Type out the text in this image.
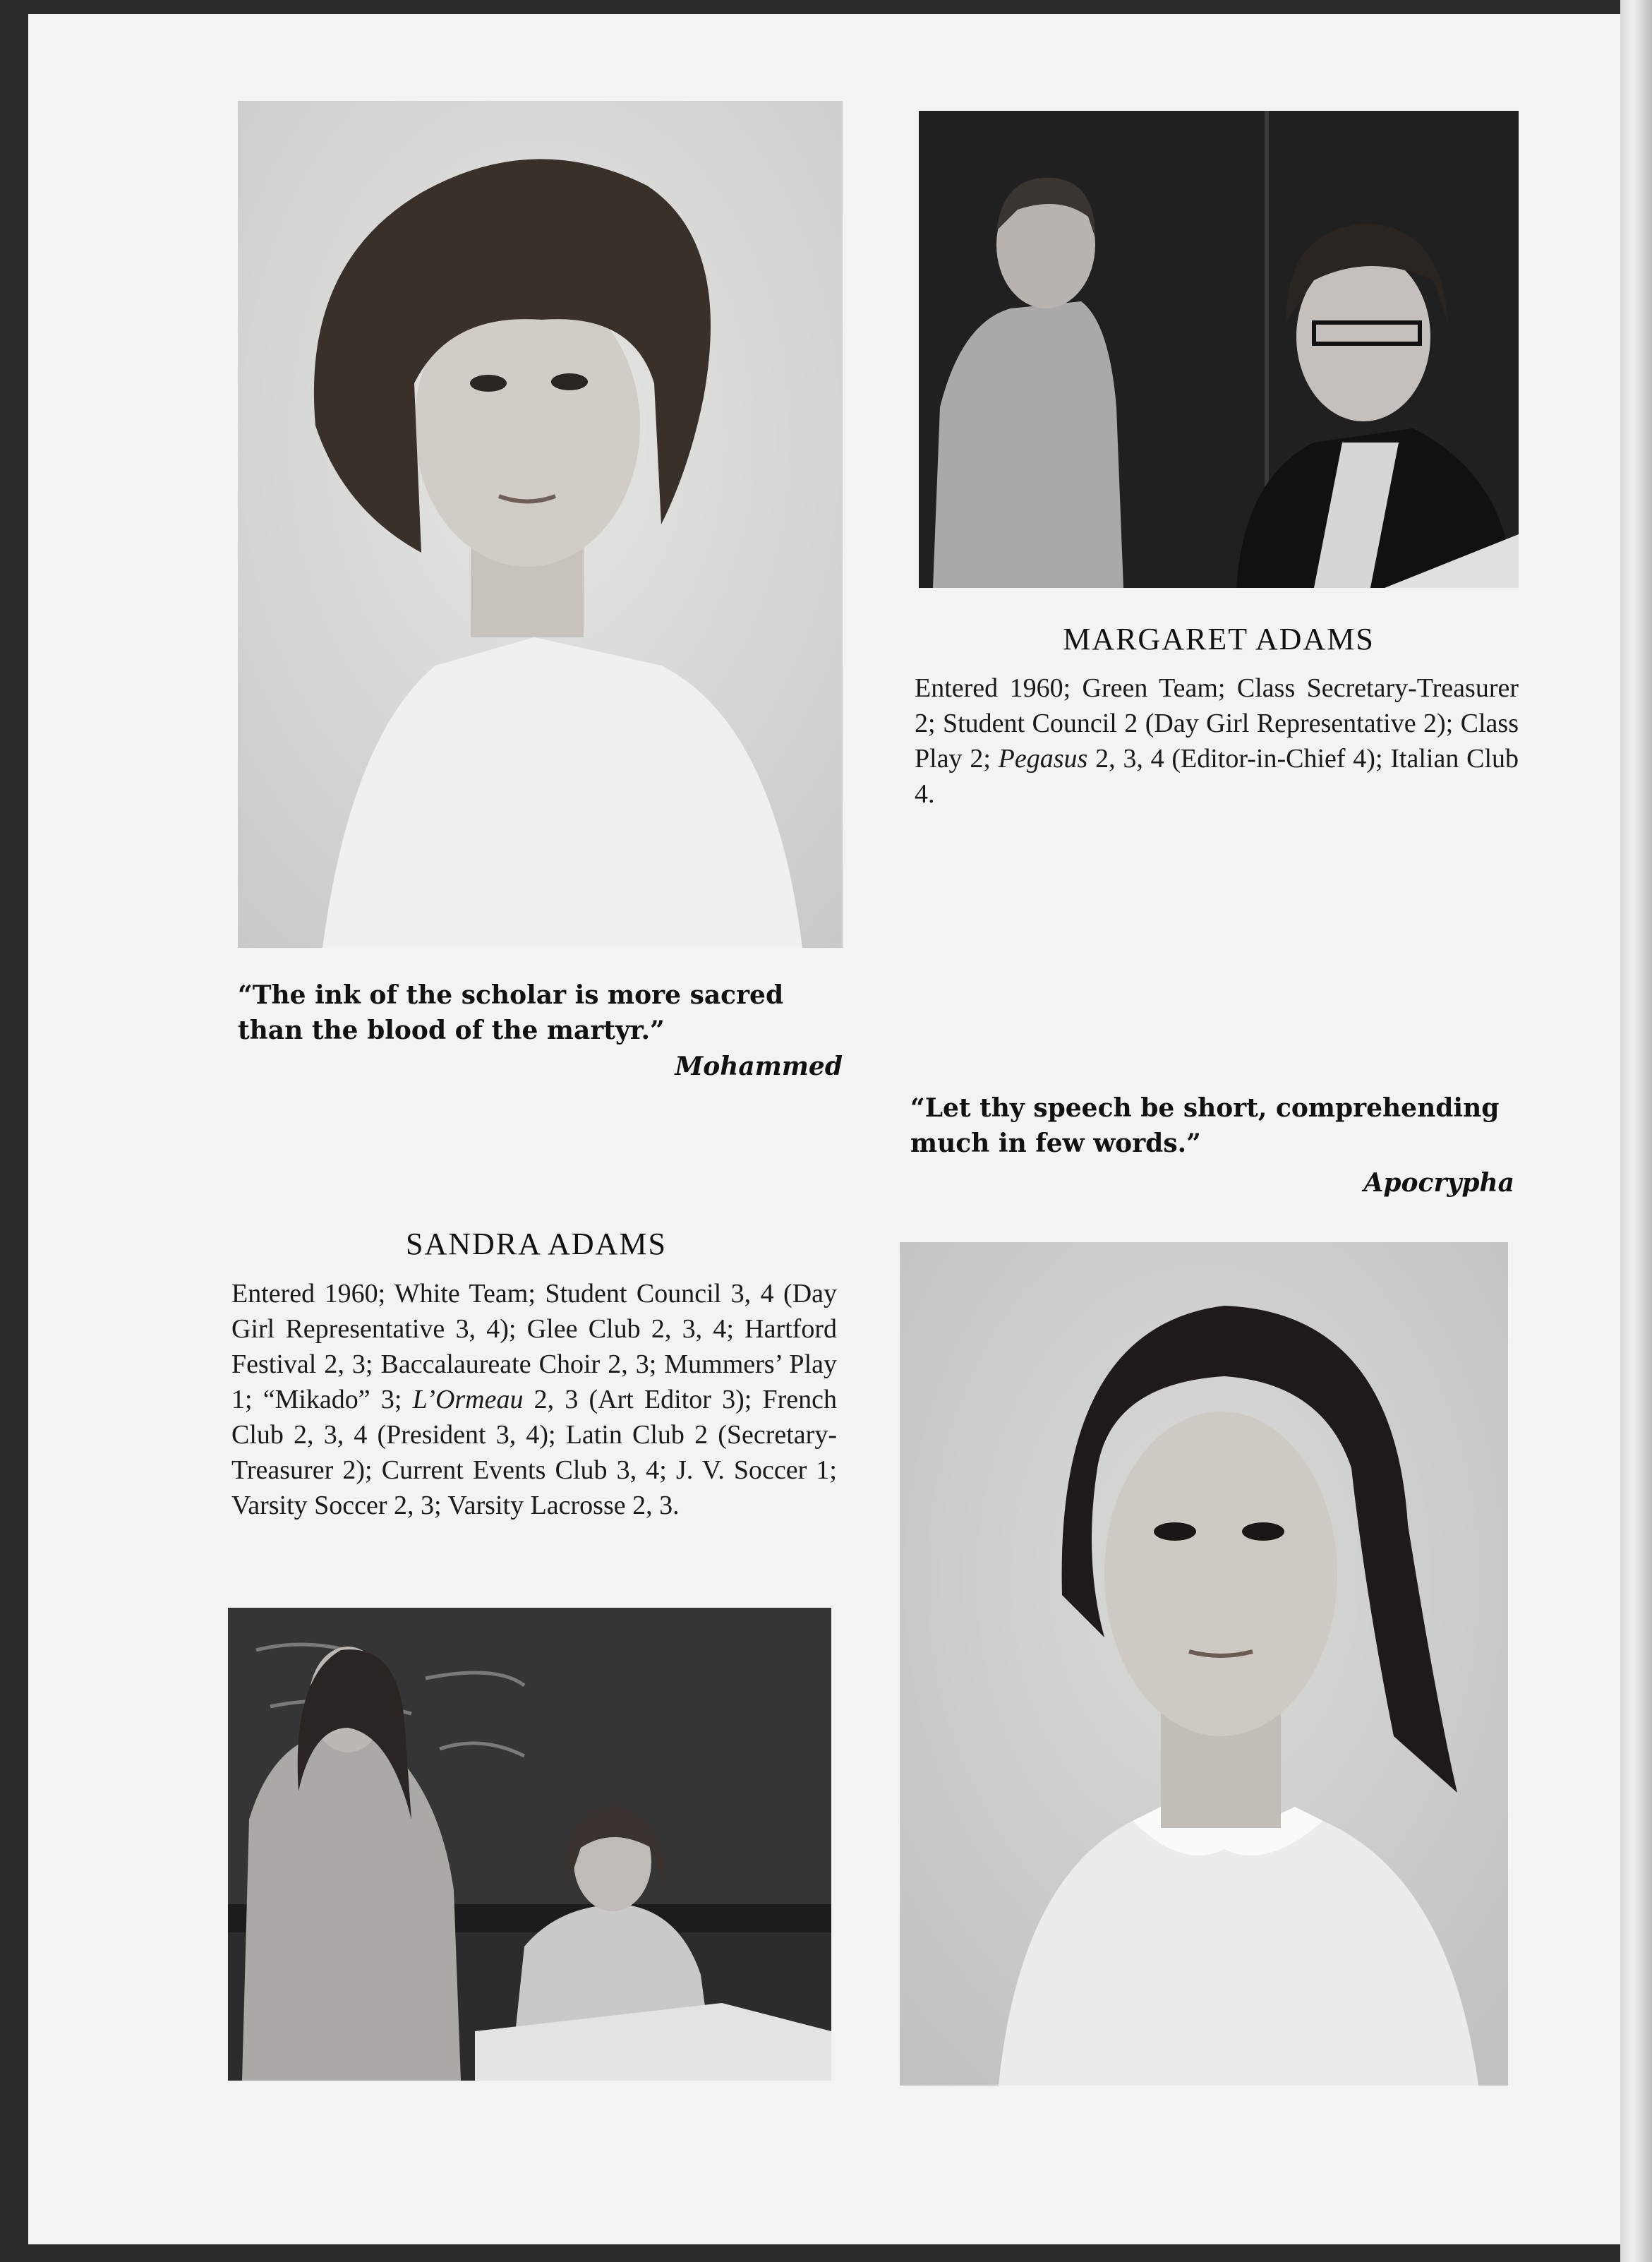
MARGARET ADAMS

Entered 1960; Green Team; Class Secretary-Treasurer 2; Student Council 2 (Day Girl Representative 2); Class Play 2; Pegasus 2, 3, 4 (Editor-in-Chief 4); Italian Club 4.

“The ink of the scholar is more sacred than the blood of the martyr.”

Mohammed

“Let thy speech be short, comprehending much in few words.”

Apocrypha

SANDRA ADAMS

Entered 1960; White Team; Student Council 3, 4 (Day Girl Representative 3, 4); Glee Club 2, 3, 4; Hartford Festival 2, 3; Baccalaureate Choir 2, 3; Mummers’ Play 1; “Mikado” 3; L’Ormeau 2, 3 (Art Editor 3); French Club 2, 3, 4 (President 3, 4); Latin Club 2 (Secretary-Treasurer 2); Current Events Club 3, 4; J. V. Soccer 1; Varsity Soccer 2, 3; Varsity Lacrosse 2, 3.
